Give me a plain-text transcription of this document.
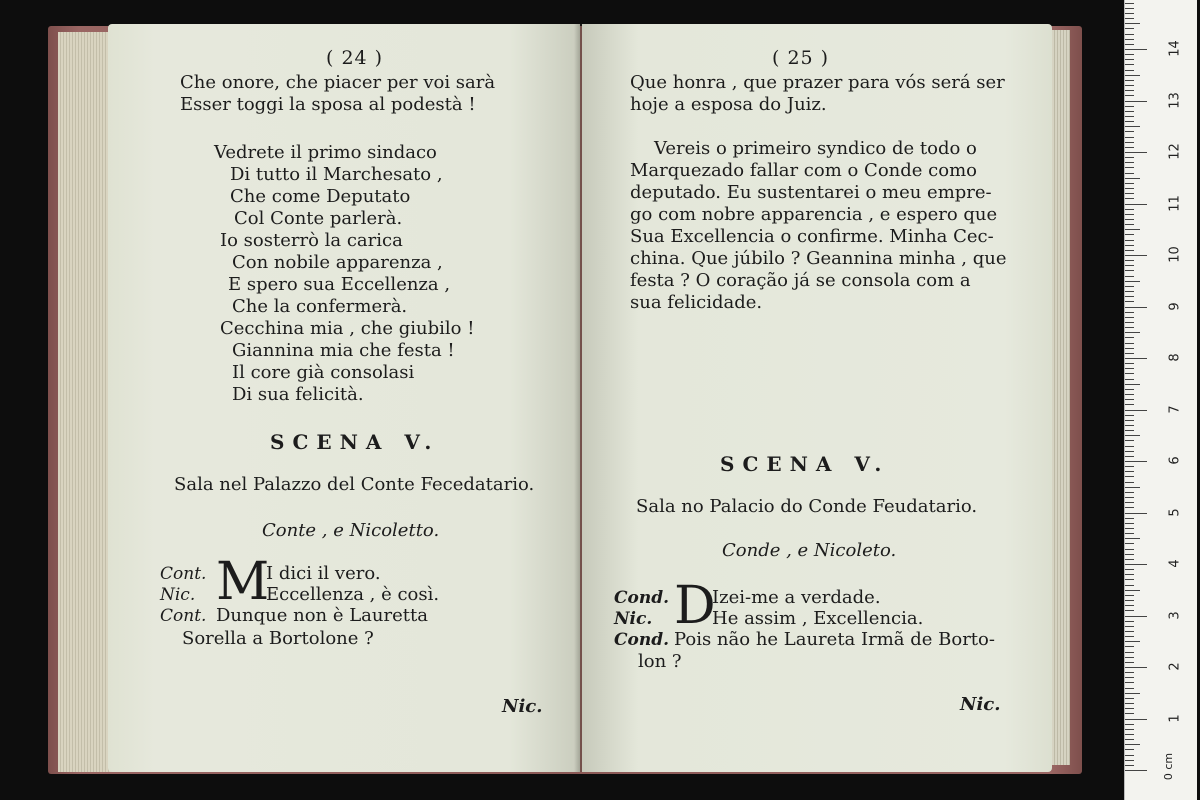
( 24 )
Che onore, che piacer per voi sarà
Esser toggi la sposa al podestà !
Vedrete il primo sindaco
Di tutto il Marchesato ,
Che come Deputato
Col Conte parlerà.
Io sosterrò la carica
Con nobile apparenza ,
E spero sua Eccellenza ,
Che la confermerà.
Cecchina mia , che giubilo !
Giannina mia che festa !
Il core già consolasi
Di sua felicità.
SCENA V.
Sala nel Palazzo del Conte Fecedatario.
Conte , e Nicoletto.
M
Cont.	I dici il vero.
Nic.	Eccellenza , è così.
Cont. Dunque non è Lauretta
Sorella a Bortolone ?
Nic.
( 25 )
Que honra , que prazer para vós será ser
hoje a esposa do Juiz.
Vereis o primeiro syndico de todo o
Marquezado fallar com o Conde como
deputado. Eu sustentarei o meu empre-
go com nobre apparencia , e espero que
Sua Excellencia o confirme. Minha Cec-
china. Que júbilo ? Geannina minha , que
festa ? O coração já se consola com a
sua felicidade.
SCENA V.
Sala no Palacio do Conde Feudatario.
Conde , e Nicoleto.
D
Cond. Izei-me a verdade.
Nic.	He assim , Excellencia.
Cond. Pois não he Laureta Irmã de Borto-
lon ?
Nic.
0 cm
1
2
3
4
5
6
7
8
9
10
11
12
13
14
